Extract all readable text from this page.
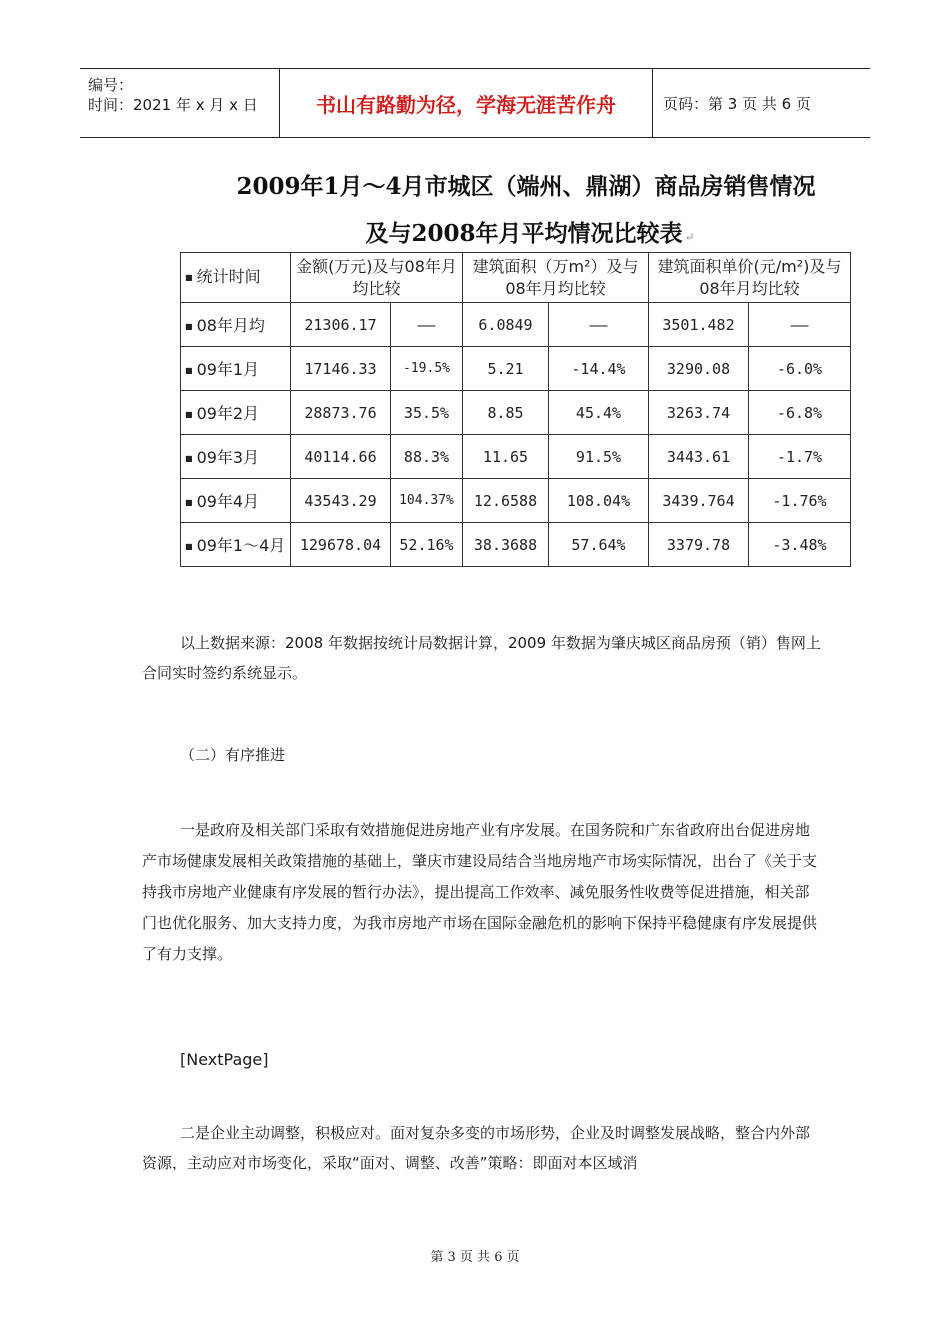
编号：
时间：2021 年 x 月 x 日	书山有路勤为径，学海无涯苦作舟	页码：第 3 页 共 6 页
2009年1月～4月市城区（端州、鼎湖）商品房销售情况
及与2008年月平均情况比较表 ↵
■ 统计时间	金额(万元)及与08年月均比较		建筑面积（万m²）及与08年月均比较		建筑面积单价(元/m²)及与08年月均比较	
■ 08年月均	21306.17	——	6.0849	——	3501.482	——
■ 09年1月	17146.33	-19.5%	5.21	-14.4%	3290.08	-6.0%
■ 09年2月	28873.76	35.5%	8.85	45.4%	3263.74	-6.8%
■ 09年3月	40114.66	88.3%	11.65	91.5%	3443.61	-1.7%
■ 09年4月	43543.29	104.37%	12.6588	108.04%	3439.764	-1.76%
■ 09年1～4月	129678.04	52.16%	38.3688	57.64%	3379.78	-3.48%
以上数据来源：2008 年数据按统计局数据计算，2009 年数据为肇庆城区商品房预（销）售网上合同实时签约系统显示。
（二）有序推进
一是政府及相关部门采取有效措施促进房地产业有序发展。在国务院和广东省政府出台促进房地产市场健康发展相关政策措施的基础上，肇庆市建设局结合当地房地产市场实际情况，出台了《关于支持我市房地产业健康有序发展的暂行办法》，提出提高工作效率、减免服务性收费等促进措施，相关部门也优化服务、加大支持力度，为我市房地产市场在国际金融危机的影响下保持平稳健康有序发展提供了有力支撑。
[NextPage]
二是企业主动调整，积极应对。面对复杂多变的市场形势，企业及时调整发展战略，整合内外部资源，主动应对市场变化，采取“面对、调整、改善”策略：即面对本区域消
第 3 页 共 6 页
